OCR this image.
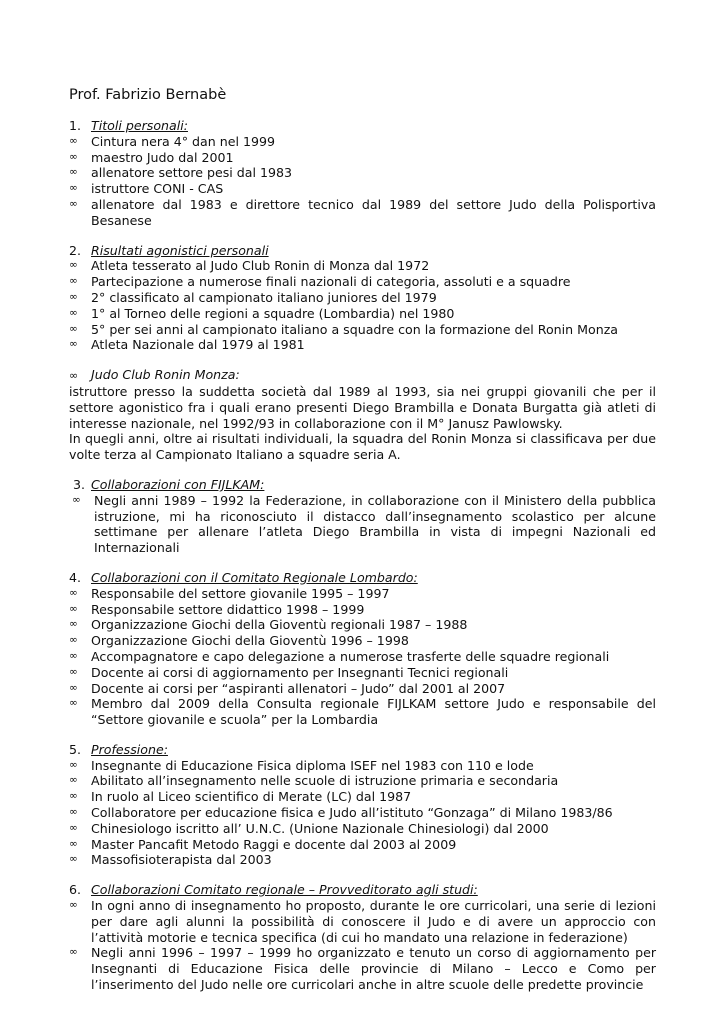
Prof. Fabrizio Bernabè
1. Titoli personali:
∞	Cintura nera 4° dan nel 1999
∞	maestro Judo dal 2001
∞	allenatore settore pesi dal 1983
∞	istruttore CONI - CAS
∞	allenatore dal 1983 e direttore tecnico dal 1989 del settore Judo della Polisportiva Besanese
2. Risultati agonistici personali
∞	Atleta tesserato al Judo Club Ronin di Monza dal 1972
∞	Partecipazione a numerose finali nazionali di categoria, assoluti e a squadre
∞	2° classificato al campionato italiano juniores del 1979
∞	1° al Torneo delle regioni a squadre (Lombardia) nel 1980
∞	5° per sei anni al campionato italiano a squadre con la formazione del Ronin Monza
∞	Atleta Nazionale dal 1979 al 1981
∞	Judo Club Ronin Monza:
istruttore presso la suddetta società dal 1989 al 1993, sia nei gruppi giovanili che per il settore agonistico fra i quali erano presenti Diego Brambilla e Donata Burgatta già atleti di interesse nazionale, nel 1992/93 in collaborazione con il M° Janusz Pawlowsky.
In quegli anni, oltre ai risultati individuali, la squadra del Ronin Monza si classificava per due volte terza al Campionato Italiano a squadre seria A.
3. Collaborazioni con FIJLKAM:
∞	Negli anni 1989 – 1992 la Federazione, in collaborazione con il Ministero della pubblica istruzione, mi ha riconosciuto il distacco dall’insegnamento scolastico per alcune settimane per allenare l’atleta Diego Brambilla in vista di impegni Nazionali ed Internazionali
4. Collaborazioni con il Comitato Regionale Lombardo:
∞	Responsabile del settore giovanile 1995 – 1997
∞	Responsabile settore didattico 1998 – 1999
∞	Organizzazione Giochi della Gioventù regionali 1987 – 1988
∞	Organizzazione Giochi della Gioventù 1996 – 1998
∞	Accompagnatore e capo delegazione a numerose trasferte delle squadre regionali
∞	Docente ai corsi di aggiornamento per Insegnanti Tecnici regionali
∞	Docente ai corsi per “aspiranti allenatori – Judo” dal 2001 al 2007
∞	Membro dal 2009 della Consulta regionale FIJLKAM settore Judo e responsabile del “Settore giovanile e scuola” per la Lombardia
5. Professione:
∞	Insegnante di Educazione Fisica diploma ISEF nel 1983 con 110 e lode
∞	Abilitato all’insegnamento nelle scuole di istruzione primaria e secondaria
∞	In ruolo al Liceo scientifico di Merate (LC) dal 1987
∞	Collaboratore per educazione fisica e Judo all’istituto “Gonzaga” di Milano 1983/86
∞	Chinesiologo iscritto all’ U.N.C. (Unione Nazionale Chinesiologi) dal 2000
∞	Master Pancafit Metodo Raggi e docente dal 2003 al 2009
∞	Massofisioterapista dal 2003
6. Collaborazioni Comitato regionale – Provveditorato agli studi:
∞	In ogni anno di insegnamento ho proposto, durante le ore curricolari, una serie di lezioni per dare agli alunni la possibilità di conoscere il Judo e di avere un approccio con l’attività motorie e tecnica specifica (di cui ho mandato una relazione in federazione)
∞	Negli anni 1996 – 1997 – 1999 ho organizzato e tenuto un corso di aggiornamento per Insegnanti di Educazione Fisica delle provincie di Milano – Lecco e Como per l’inserimento del Judo nelle ore curricolari anche in altre scuole delle predette provincie
